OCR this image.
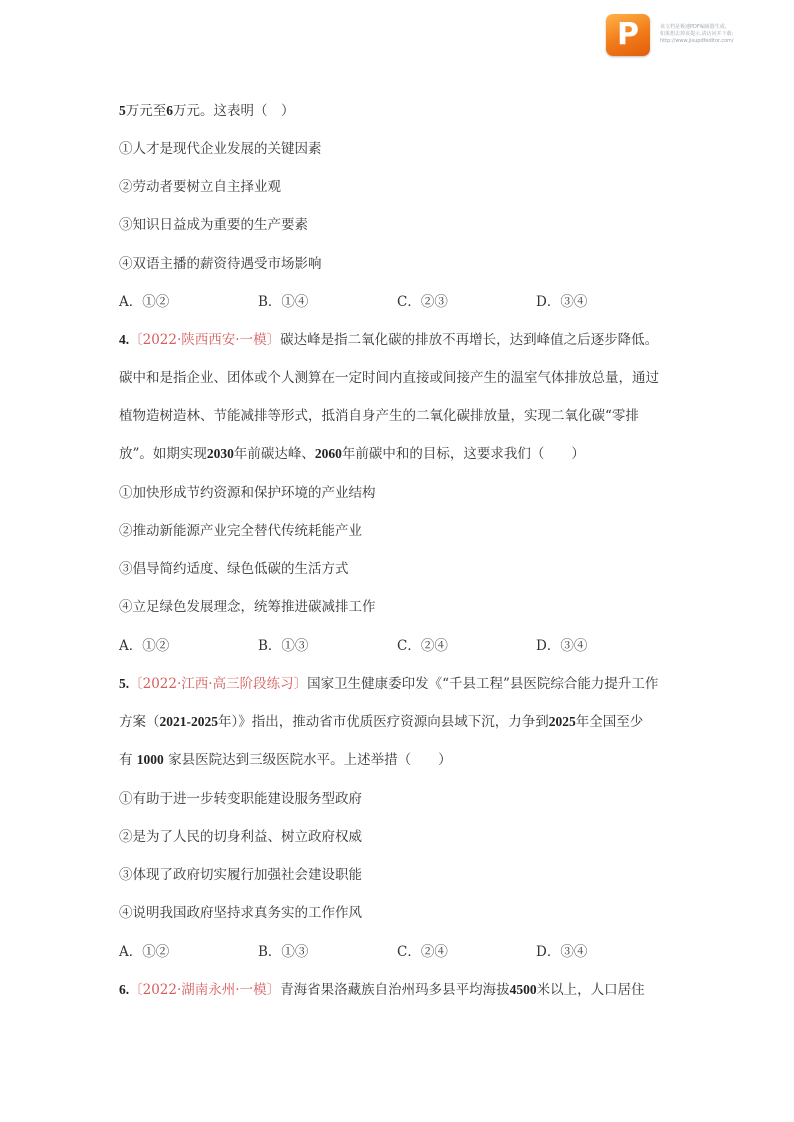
P	该文档是极速PDF编辑器生成,
如果想去掉该提示,请访问并下载:
http://www.jisupdfeditor.com/
5万元至6万元。这表明（　）
①人才是现代企业发展的关键因素
②劳动者要树立自主择业观
③知识日益成为重要的生产要素
④双语主播的薪资待遇受市场影响
A．①②	B．①④	C．②③	D．③④
4.〔2022·陕西西安·一模〕碳达峰是指二氧化碳的排放不再增长，达到峰值之后逐步降低。
碳中和是指企业、团体或个人测算在一定时间内直接或间接产生的温室气体排放总量，通过
植物造树造林、节能减排等形式，抵消自身产生的二氧化碳排放量，实现二氧化碳“零排
放”。如期实现2030年前碳达峰、2060年前碳中和的目标，这要求我们（　　）
①加快形成节约资源和保护环境的产业结构
②推动新能源产业完全替代传统耗能产业
③倡导简约适度、绿色低碳的生活方式
④立足绿色发展理念，统筹推进碳减排工作
A．①②	B．①③	C．②④	D．③④
5.〔2022·江西·高三阶段练习〕国家卫生健康委印发《“千县工程”县医院综合能力提升工作
方案（2021-2025年）》指出，推动省市优质医疗资源向县域下沉，力争到2025年全国至少
有 1000 家县医院达到三级医院水平。上述举措（　　）
①有助于进一步转变职能建设服务型政府
②是为了人民的切身利益、树立政府权威
③体现了政府切实履行加强社会建设职能
④说明我国政府坚持求真务实的工作作风
A．①②	B．①③	C．②④	D．③④
6.〔2022·湖南永州·一模〕青海省果洛藏族自治州玛多县平均海拔4500米以上，人口居住
